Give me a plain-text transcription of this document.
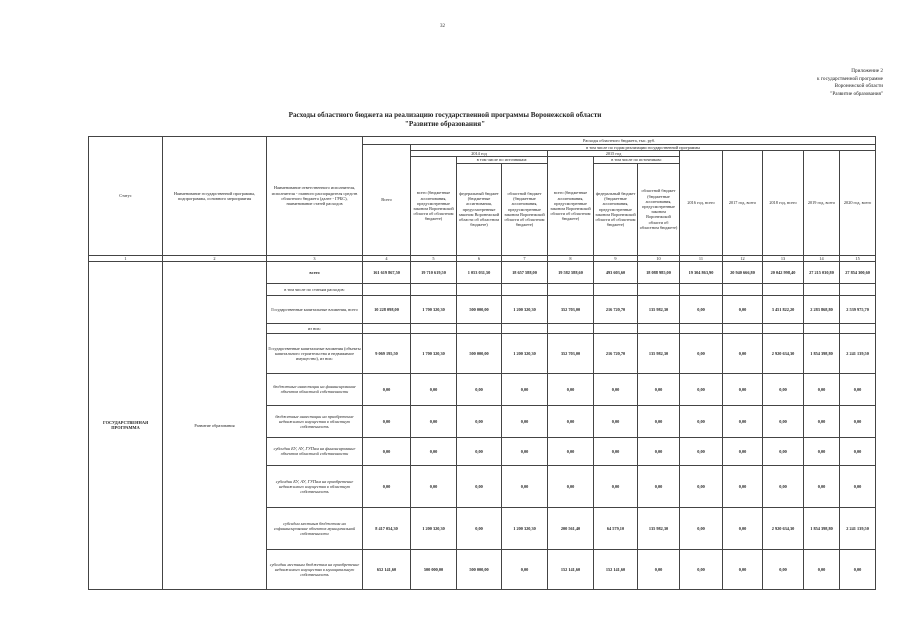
32
Приложение 2
к государственной программе
Воронежской области
"Развитие образования"
Расходы областного бюджета на реализацию государственной программы Воронежской области
"Развитие образования"
Статус	Наименование государственной программы, подпрограммы, основного мероприятия	Наименование ответственного исполнителя, исполнителя - главного распорядителя средств областного бюджета (далее - ГРБС), наименование статей расходов	Расходы областного бюджета, тыс. руб.											
			Всего	в том числе по годам реализации государственной программы										
				2014 год			2015 год			2016 год, всего	2017 год, всего	2018 год, всего	2019 год, всего	2020 год, всего
				всего (бюджетные ассигнования, предусмотренные законом Воронежской области об областном бюджете)	в том числе по источникам:		всего (бюджетные ассигнования, предусмотренные законом Воронежской области об областном бюджете)	в том числе по источникам:						
					федеральный бюджет (бюджетные ассигнования, предусмотренные законом Воронежской области об областном бюджете)	областной бюджет (бюджетные ассигнования, предусмотренные законом Воронежской области об областном бюджете)		федеральный бюджет (бюджетные ассигнования, предусмотренные законом Воронежской области об областном бюджете)	областной бюджет (бюджетные ассигнования, предусмотренные законом Воронежской области об областном бюджете)					
1	2	3	4	5	6	7	8	9	10	11	12	13	14	15
ГОСУДАРСТВЕННАЯ ПРОГРАММА	Развитие образования	всего	161 619 867,50	19 710 619,50	1 053 031,50	18 657 588,00	19 582 588,60	493 603,60	18 088 985,00	19 304 863,90	20 940 666,80	20 042 998,40	27 215 030,80	27 854 300,60
		в том числе по статьям расходов:												
		Государственные капитальные вложения, всего	10 228 098,00	1 700 320,30	500 000,00	1 200 320,30	352 703,00	216 720,70	135 982,30	0,00	0,00	3 451 822,20	2 283 868,80	2 539 975,70
		из них:												
		Государственные капитальные вложения (объекты капитального строительства и недвижимое имущество), из них:	9 069 195,50	1 700 320,30	500 000,00	1 200 320,30	352 703,00	216 720,70	135 982,30	0,00	0,00	2 920 634,30	1 854 398,80	2 241 139,50
		бюджетные инвестиции на финансирование объектов областной собственности	0,00	0,00	0,00	0,00	0,00	0,00	0,00	0,00	0,00	0,00	0,00	0,00
		бюджетные инвестиции на приобретение недвижимого имущества в областную собственность	0,00	0,00	0,00	0,00	0,00	0,00	0,00	0,00	0,00	0,00	0,00	0,00
		субсидии БУ, АУ, ГУПам на финансирование объектов областной собственности	0,00	0,00	0,00	0,00	0,00	0,00	0,00	0,00	0,00	0,00	0,00	0,00
		субсидии БУ, АУ, ГУПам на приобретение недвижимого имущества в областную собственность	0,00	0,00	0,00	0,00	0,00	0,00	0,00	0,00	0,00	0,00	0,00	0,00
		субсидии местным бюджетам на софинансирование объектов муниципальной собственности	8 417 054,30	1 200 320,30	0,00	1 200 320,30	200 561,40	64 579,10	135 982,30	0,00	0,00	2 920 634,30	1 854 398,80	2 241 139,50
		субсидии местным бюджетам на приобретение недвижимого имущества в муниципальную собственность	652 141,60	500 000,00	500 000,00	0,00	152 141,60	152 141,60	0,00	0,00	0,00	0,00	0,00	0,00
